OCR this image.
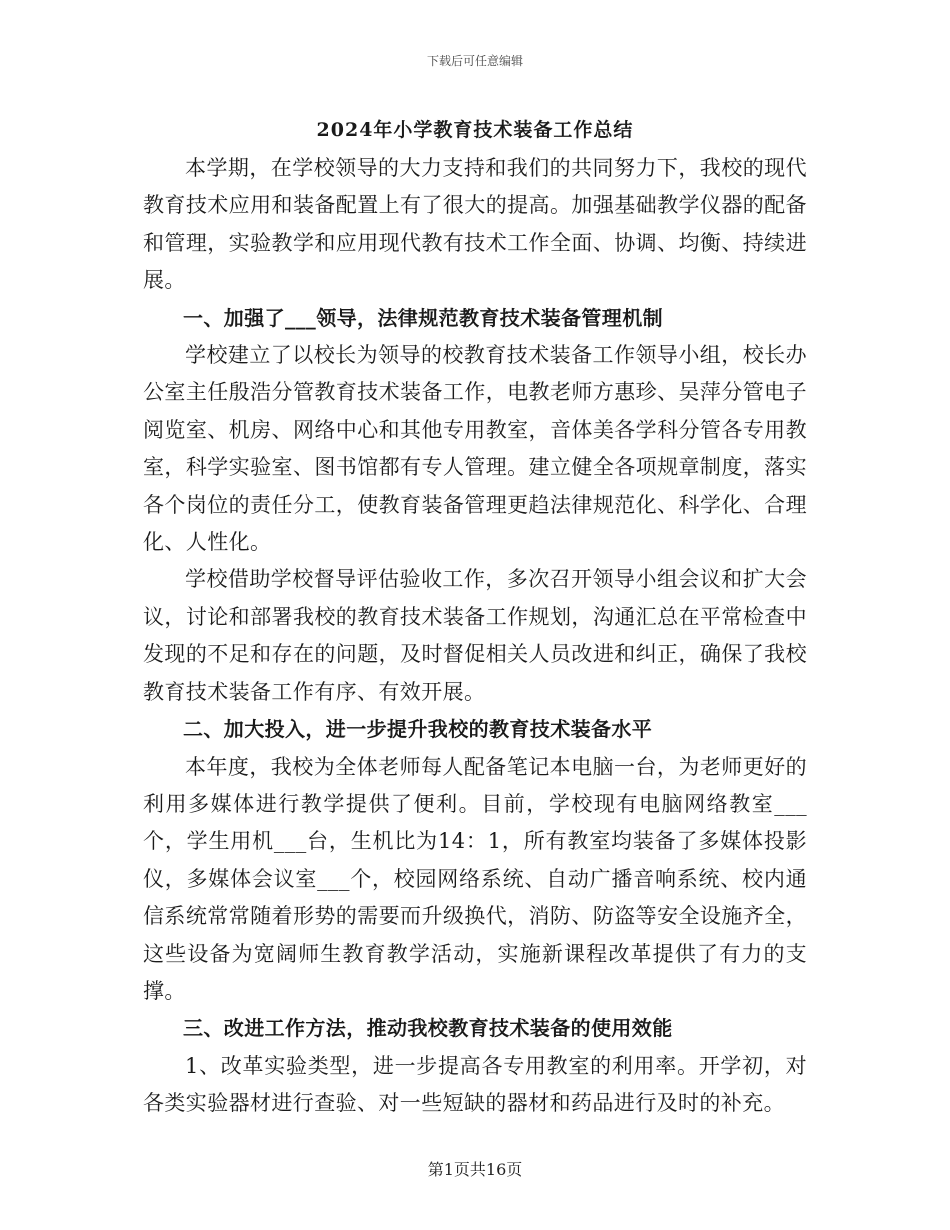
下载后可任意编辑
2024年小学教育技术装备工作总结

本学期，在学校领导的大力支持和我们的共同努力下，我校的现代教育技术应用和装备配置上有了很大的提高。加强基础教学仪器的配备和管理，实验教学和应用现代教有技术工作全面、协调、均衡、持续进展。

一、加强了___领导，法律规范教育技术装备管理机制

学校建立了以校长为领导的校教育技术装备工作领导小组，校长办公室主任殷浩分管教育技术装备工作，电教老师方惠珍、吴萍分管电子阅览室、机房、网络中心和其他专用教室，音体美各学科分管各专用教室，科学实验室、图书馆都有专人管理。建立健全各项规章制度，落实各个岗位的责任分工，使教育装备管理更趋法律规范化、科学化、合理化、人性化。

学校借助学校督导评估验收工作，多次召开领导小组会议和扩大会议，讨论和部署我校的教育技术装备工作规划，沟通汇总在平常检查中发现的不足和存在的问题，及时督促相关人员改进和纠正，确保了我校教育技术装备工作有序、有效开展。

二、加大投入，进一步提升我校的教育技术装备水平

本年度，我校为全体老师每人配备笔记本电脑一台，为老师更好的利用多媒体进行教学提供了便利。目前，学校现有电脑网络教室___个，学生用机___台，生机比为14：1，所有教室均装备了多媒体投影仪，多媒体会议室___个，校园网络系统、自动广播音响系统、校内通信系统常常随着形势的需要而升级换代，消防、防盗等安全设施齐全，这些设备为宽阔师生教育教学活动，实施新课程改革提供了有力的支撑。

三、改进工作方法，推动我校教育技术装备的使用效能

1、改革实验类型，进一步提高各专用教室的利用率。开学初，对各类实验器材进行查验、对一些短缺的器材和药品进行及时的补充。

第1页共16页
